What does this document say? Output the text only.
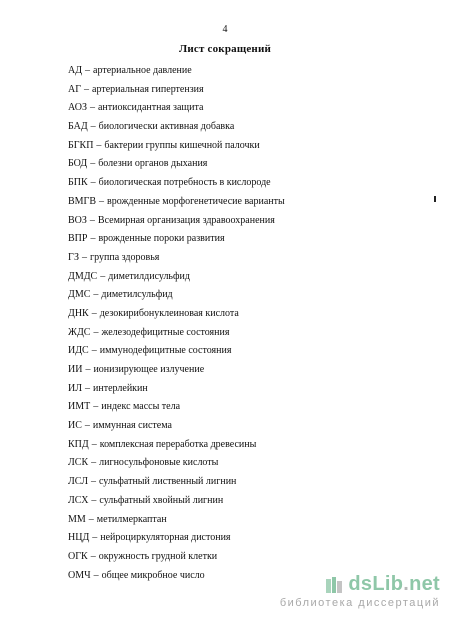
4
Лист сокращений
АД – артериальное давление
АГ – артериальная гипертензия
АОЗ – антиоксидантная защита
БАД – биологически активная добавка
БГКП – бактерии группы кишечной палочки
БОД – болезни органов дыхания
БПК – биологическая потребность в кислороде
ВМГВ – врожденные морфогенетичесие варианты
ВОЗ – Всемирная организация здравоохранения
ВПР – врожденные пороки развития
ГЗ – группа здоровья
ДМДС – диметилдисульфид
ДМС – диметилсульфид
ДНК – дезокирибонуклеиновая кислота
ЖДС – железодефицитные состояния
ИДС – иммунодефицитные состояния
ИИ – ионизирующее излучение
ИЛ – интерлейкин
ИМТ – индекс массы тела
ИС – иммунная система
КПД – комплексная переработка древесины
ЛСК – лигносульфоновые кислоты
ЛСЛ – сульфатный лиственный лигнин
ЛСХ – сульфатный хвойный лигнин
ММ – метилмеркаптан
НЦД – нейроциркуляторная дистония
ОГК – окружность грудной клетки
ОМЧ – общее микробное число	dsLib.net
библиотека диссертаций
